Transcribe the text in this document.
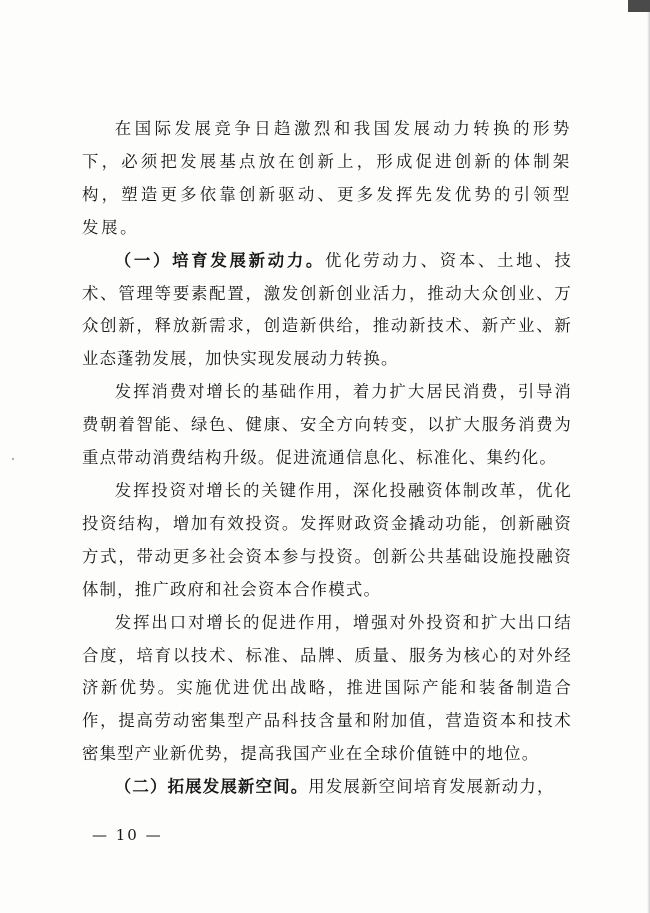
在国际发展竞争日趋激烈和我国发展动力转换的形势下，必须把发展基点放在创新上，形成促进创新的体制架构，塑造更多依靠创新驱动、更多发挥先发优势的引领型发展。

（一）培育发展新动力。优化劳动力、资本、土地、技术、管理等要素配置，激发创新创业活力，推动大众创业、万众创新，释放新需求，创造新供给，推动新技术、新产业、新业态蓬勃发展，加快实现发展动力转换。

发挥消费对增长的基础作用，着力扩大居民消费，引导消费朝着智能、绿色、健康、安全方向转变，以扩大服务消费为重点带动消费结构升级。促进流通信息化、标准化、集约化。

发挥投资对增长的关键作用，深化投融资体制改革，优化投资结构，增加有效投资。发挥财政资金撬动功能，创新融资方式，带动更多社会资本参与投资。创新公共基础设施投融资体制，推广政府和社会资本合作模式。

发挥出口对增长的促进作用，增强对外投资和扩大出口结合度，培育以技术、标准、品牌、质量、服务为核心的对外经济新优势。实施优进优出战略，推进国际产能和装备制造合作，提高劳动密集型产品科技含量和附加值，营造资本和技术密集型产业新优势，提高我国产业在全球价值链中的地位。

（二）拓展发展新空间。用发展新空间培育发展新动力，

— 10 —
